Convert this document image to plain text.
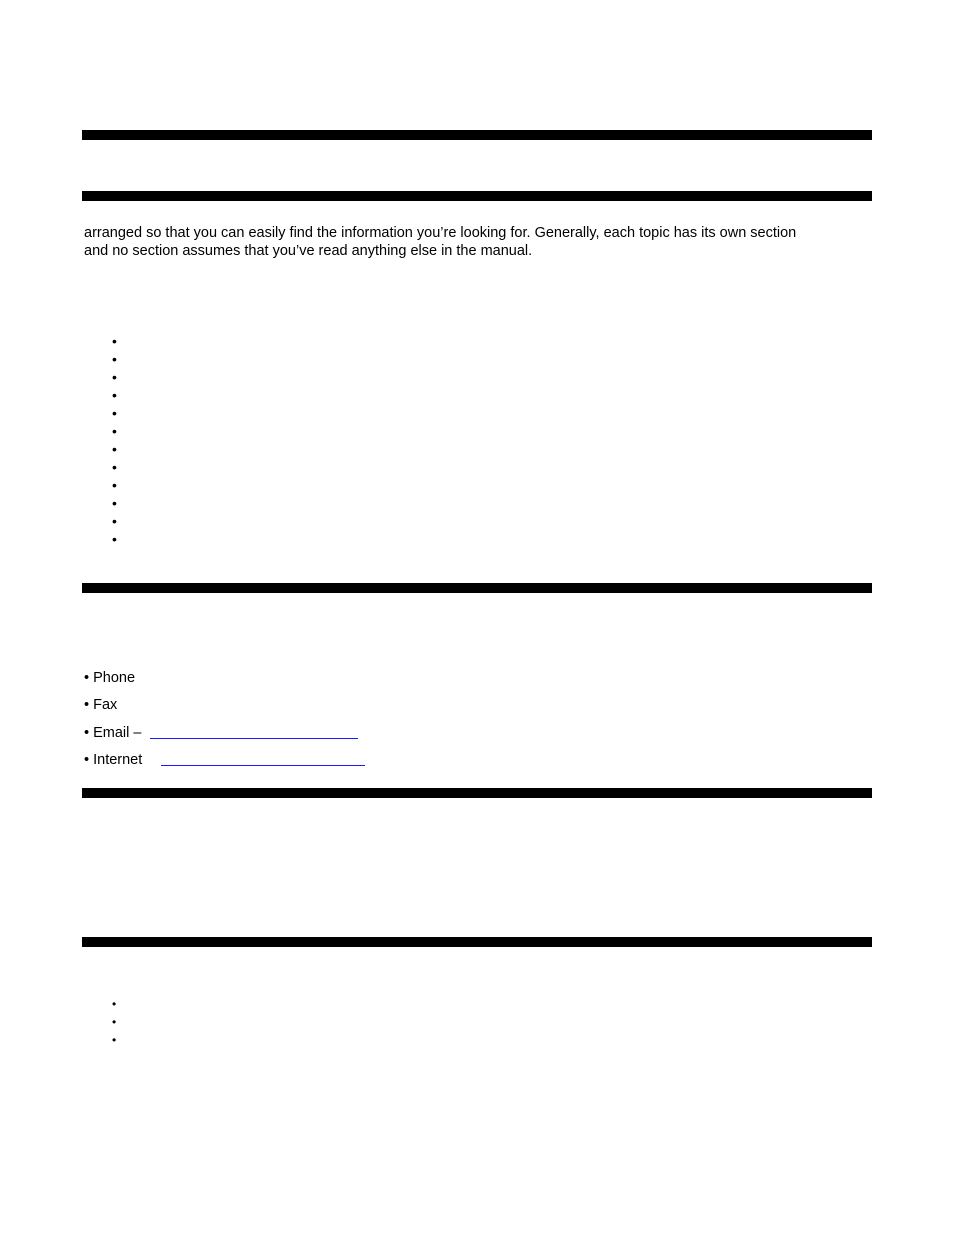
arranged so that you can easily find the information you’re looking for. Generally, each topic has its own section
and no section assumes that you’ve read anything else in the manual.
•
•
•
•
•
•
•
•
•
•
•
•
• Phone
• Fax
• Email –
• Internet
•
•
•
